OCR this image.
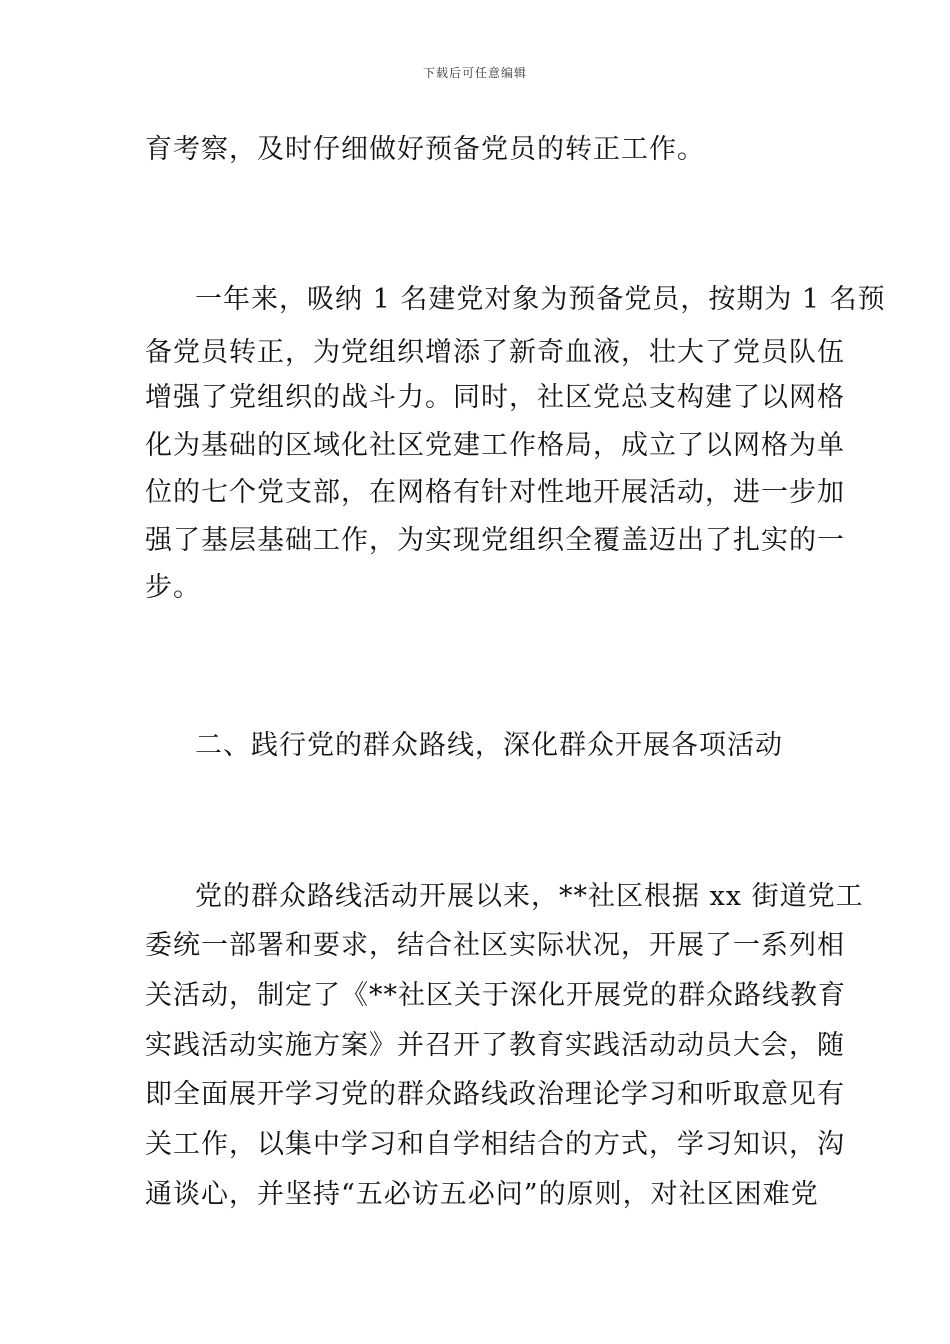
下载后可任意编辑
育考察，及时仔细做好预备党员的转正工作。
一年来，吸纳 1 名建党对象为预备党员，按期为 1 名预
备党员转正，为党组织增添了新奇血液，壮大了党员队伍
增强了党组织的战斗力。同时，社区党总支构建了以网格
化为基础的区域化社区党建工作格局，成立了以网格为单
位的七个党支部，在网格有针对性地开展活动，进一步加
强了基层基础工作，为实现党组织全覆盖迈出了扎实的一
步。
二、践行党的群众路线，深化群众开展各项活动
党的群众路线活动开展以来，**社区根据 xx 街道党工
委统一部署和要求，结合社区实际状况，开展了一系列相
关活动，制定了《**社区关于深化开展党的群众路线教育
实践活动实施方案》并召开了教育实践活动动员大会，随
即全面展开学习党的群众路线政治理论学习和听取意见有
关工作，以集中学习和自学相结合的方式，学习知识，沟
通谈心，并坚持“五必访五必问”的原则，对社区困难党
